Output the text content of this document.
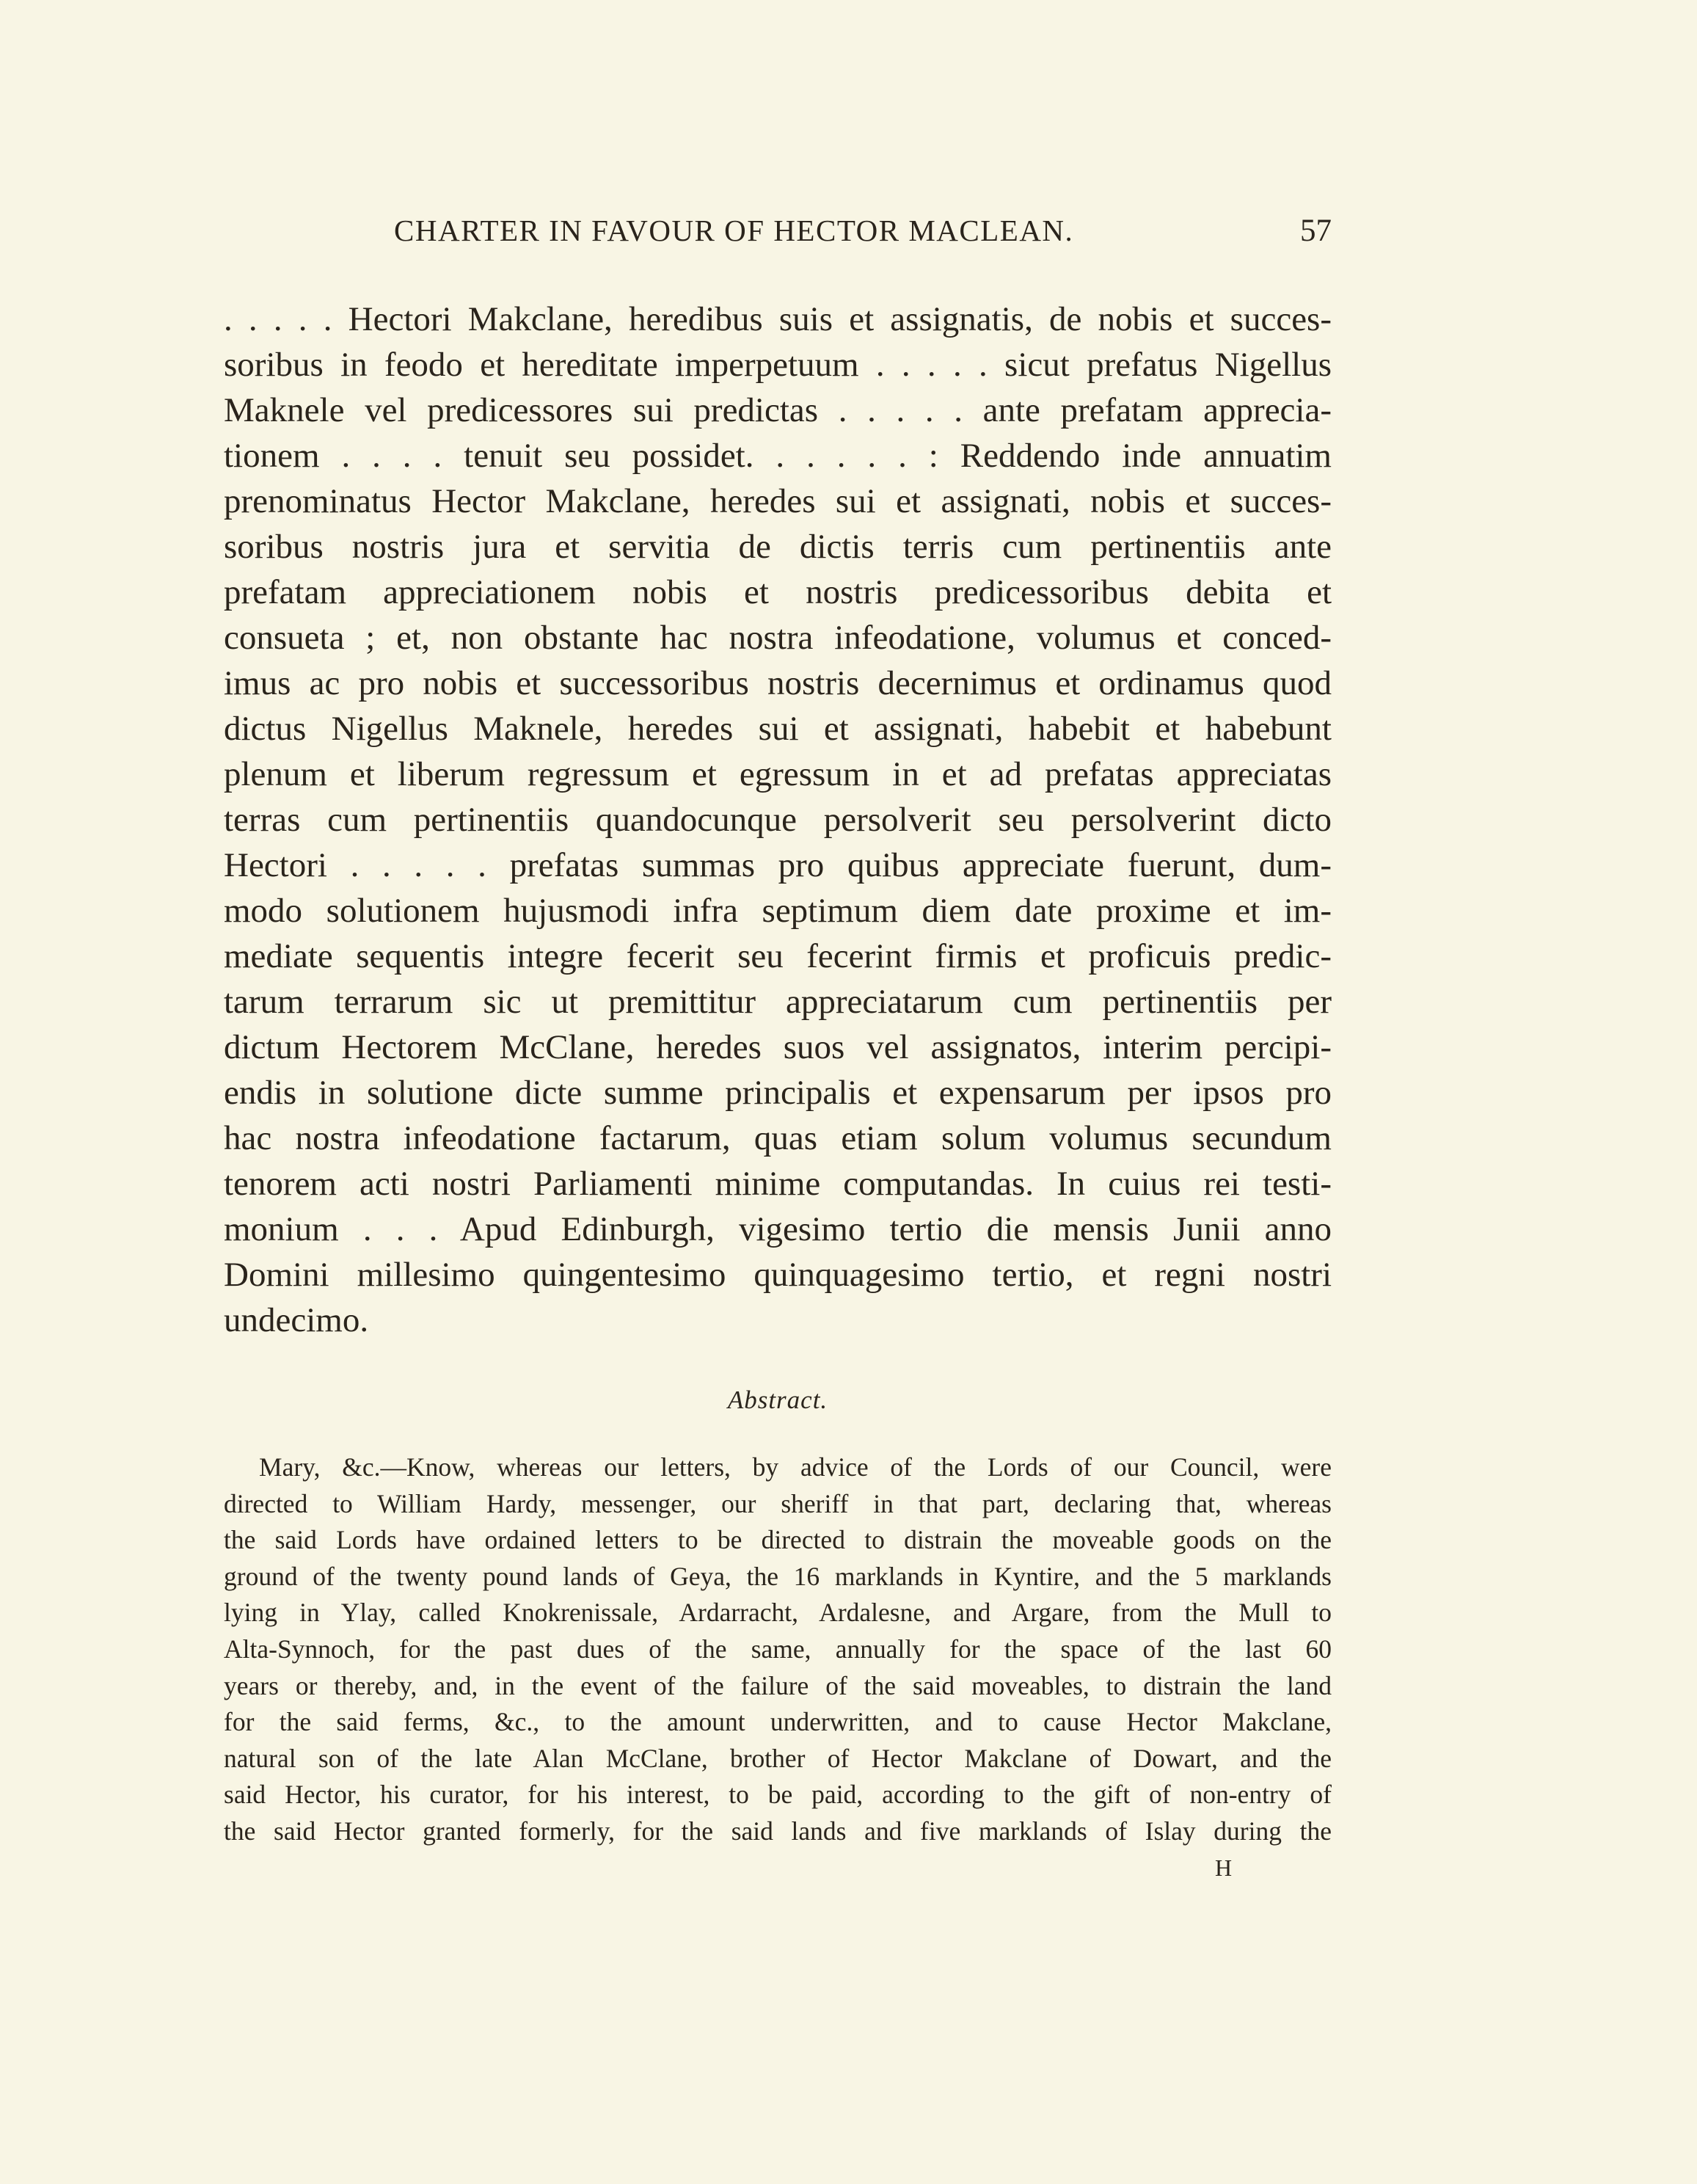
CHARTER IN FAVOUR OF HECTOR MACLEAN.	57
. . . . . Hectori Makclane, heredibus suis et assignatis, de nobis et succes-
soribus in feodo et hereditate imperpetuum . . . . . sicut prefatus Nigellus
Maknele vel predicessores sui predictas . . . . . ante prefatam apprecia-
tionem . . . . tenuit seu possidet. . . . . . : Reddendo inde annuatim
prenominatus Hector Makclane, heredes sui et assignati, nobis et succes-
soribus nostris jura et servitia de dictis terris cum pertinentiis ante
prefatam appreciationem nobis et nostris predicessoribus debita et
consueta ; et, non obstante hac nostra infeodatione, volumus et conced-
imus ac pro nobis et successoribus nostris decernimus et ordinamus quod
dictus Nigellus Maknele, heredes sui et assignati, habebit et habebunt
plenum et liberum regressum et egressum in et ad prefatas appreciatas
terras cum pertinentiis quandocunque persolverit seu persolverint dicto
Hectori . . . . . prefatas summas pro quibus appreciate fuerunt, dum-
modo solutionem hujusmodi infra septimum diem date proxime et im-
mediate sequentis integre fecerit seu fecerint firmis et proficuis predic-
tarum terrarum sic ut premittitur appreciatarum cum pertinentiis per
dictum Hectorem McClane, heredes suos vel assignatos, interim percipi-
endis in solutione dicte summe principalis et expensarum per ipsos pro
hac nostra infeodatione factarum, quas etiam solum volumus secundum
tenorem acti nostri Parliamenti minime computandas. In cuius rei testi-
monium . . . Apud Edinburgh, vigesimo tertio die mensis Junii anno
Domini millesimo quingentesimo quinquagesimo tertio, et regni nostri
undecimo.
Abstract.
Mary, &c.—Know, whereas our letters, by advice of the Lords of our Council, were
directed to William Hardy, messenger, our sheriff in that part, declaring that, whereas
the said Lords have ordained letters to be directed to distrain the moveable goods on the
ground of the twenty pound lands of Geya, the 16 marklands in Kyntire, and the 5 marklands
lying in Ylay, called Knokrenissale, Ardarracht, Ardalesne, and Argare, from the Mull to
Alta-Synnoch, for the past dues of the same, annually for the space of the last 60
years or thereby, and, in the event of the failure of the said moveables, to distrain the land
for the said ferms, &c., to the amount underwritten, and to cause Hector Makclane,
natural son of the late Alan McClane, brother of Hector Makclane of Dowart, and the
said Hector, his curator, for his interest, to be paid, according to the gift of non-entry of
the said Hector granted formerly, for the said lands and five marklands of Islay during the
H
